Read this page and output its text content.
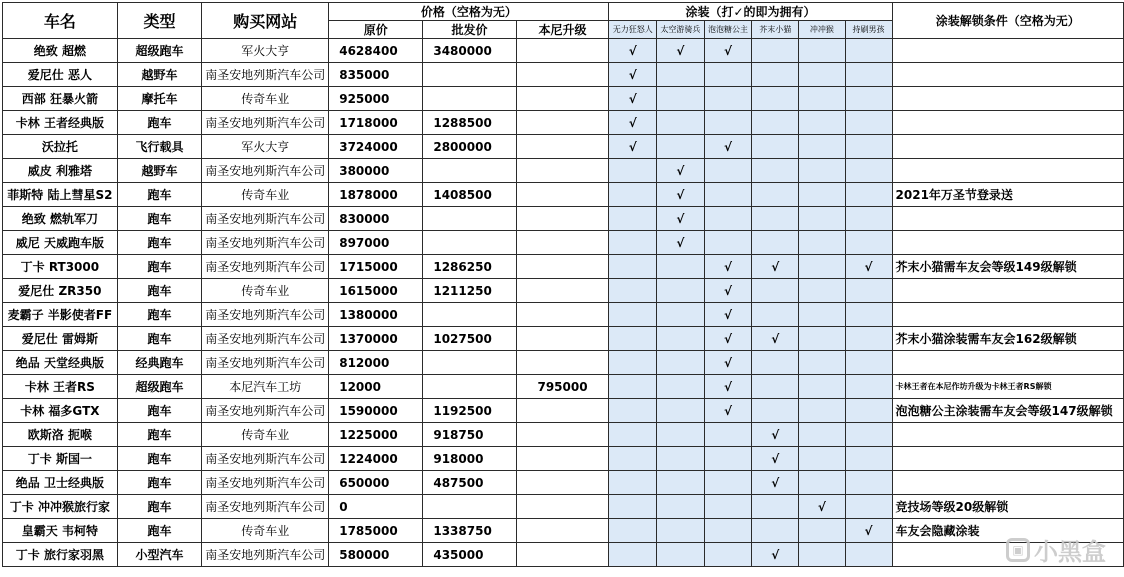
车名	类型	购买网站	价格（空格为无）			涂装（打✓的即为拥有）						涂装解锁条件（空格为无）
			原价	批发价	本尼升级	无力狂怒人	太空游骑兵	泡泡糖公主	芥末小猫	冲冲猴	持刷男孩	
绝致 超燃	超级跑车	军火大亨	4628400	3480000		√	√	√				
爱尼仕 恶人	越野车	南圣安地列斯汽车公司	835000			√						
西部 狂暴火箭	摩托车	传奇车业	925000			√						
卡林 王者经典版	跑车	南圣安地列斯汽车公司	1718000	1288500		√						
沃拉托	飞行载具	军火大亨	3724000	2800000		√		√				
威皮 利雅塔	越野车	南圣安地列斯汽车公司	380000				√					
菲斯特 陆上彗星S2	跑车	传奇车业	1878000	1408500			√					2021年万圣节登录送
绝致 燃轨军刀	跑车	南圣安地列斯汽车公司	830000				√					
威尼 天威跑车版	跑车	南圣安地列斯汽车公司	897000				√					
丁卡 RT3000	跑车	南圣安地列斯汽车公司	1715000	1286250				√	√		√	芥末小猫需车友会等级149级解锁
爱尼仕 ZR350	跑车	传奇车业	1615000	1211250				√				
麦霸子 半影使者FF	跑车	南圣安地列斯汽车公司	1380000					√				
爱尼仕 雷姆斯	跑车	南圣安地列斯汽车公司	1370000	1027500				√	√			芥末小猫涂装需车友会162级解锁
绝品 天堂经典版	经典跑车	南圣安地列斯汽车公司	812000					√				
卡林 王者RS	超级跑车	本尼汽车工坊	12000		795000			√				卡林王者在本尼作坊升级为卡林王者RS解锁
卡林 福多GTX	跑车	南圣安地列斯汽车公司	1590000	1192500				√				泡泡糖公主涂装需车友会等级147级解锁
欧斯洛 扼喉	跑车	传奇车业	1225000	918750					√			
丁卡 斯国一	跑车	南圣安地列斯汽车公司	1224000	918000					√			
绝品 卫士经典版	跑车	南圣安地列斯汽车公司	650000	487500					√			
丁卡 冲冲猴旅行家	跑车	南圣安地列斯汽车公司	0							√		竞技场等级20级解锁
皇霸天 韦柯特	跑车	传奇车业	1785000	1338750							√	车友会隐藏涂装
丁卡 旅行家羽黑	小型汽车	南圣安地列斯汽车公司	580000	435000					√				▣ 小黑盒
